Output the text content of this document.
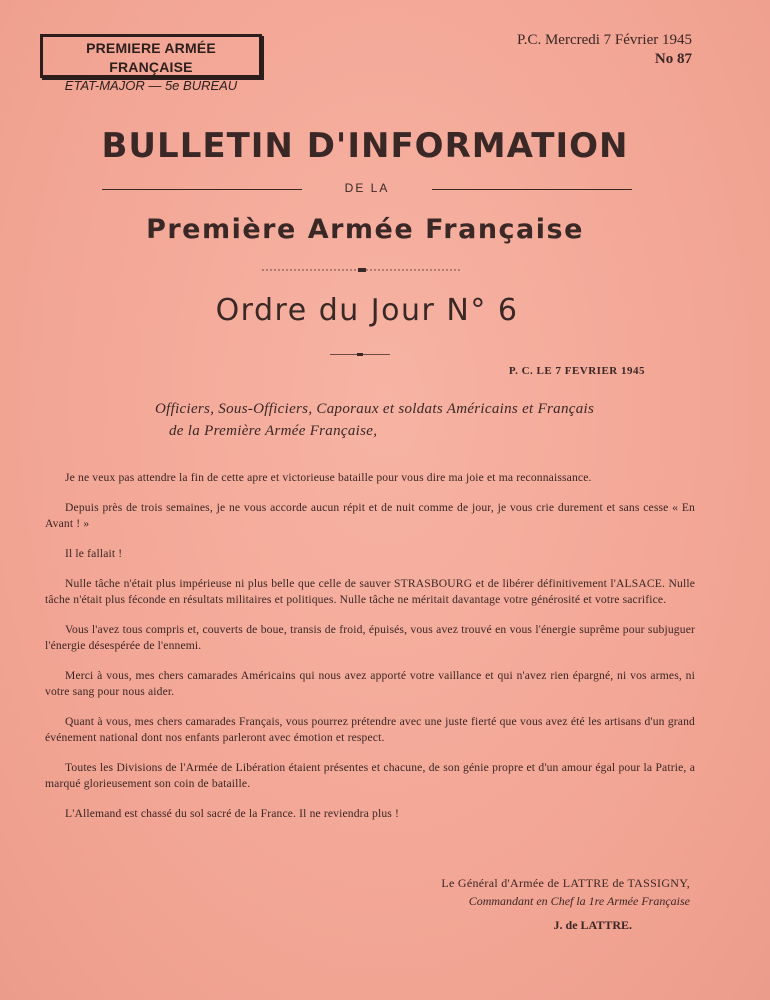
PREMIERE ARMÉE FRANÇAISE
ETAT-MAJOR — 5e BUREAU
P.C. Mercredi 7 Février 1945
No 87
BULLETIN D'INFORMATION
DE LA
Première Armée Française
Ordre du Jour N° 6
P. C. LE 7 FEVRIER 1945
Officiers, Sous-Officiers, Caporaux et soldats Américains et Français
de la Première Armée Française,

Je ne veux pas attendre la fin de cette apre et victorieuse bataille pour vous dire ma joie et ma reconnaissance.

Depuis près de trois semaines, je ne vous accorde aucun répit et de nuit comme de jour, je vous crie durement et sans cesse « En Avant ! »

Il le fallait !

Nulle tâche n'était plus impérieuse ni plus belle que celle de sauver STRASBOURG et de libérer définitivement l'ALSACE. Nulle tâche n'était plus féconde en résultats militaires et politiques. Nulle tâche ne méritait davantage votre générosité et votre sacrifice.

Vous l'avez tous compris et, couverts de boue, transis de froid, épuisés, vous avez trouvé en vous l'énergie suprême pour subjuguer l'énergie désespérée de l'ennemi.

Merci à vous, mes chers camarades Américains qui nous avez apporté votre vaillance et qui n'avez rien épargné, ni vos armes, ni votre sang pour nous aider.

Quant à vous, mes chers camarades Français, vous pourrez prétendre avec une juste fierté que vous avez été les artisans d'un grand événement national dont nos enfants parleront avec émotion et respect.

Toutes les Divisions de l'Armée de Libération étaient présentes et chacune, de son génie propre et d'un amour égal pour la Patrie, a marqué glorieusement son coin de bataille.

L'Allemand est chassé du sol sacré de la France. Il ne reviendra plus !

Le Général d'Armée de LATTRE de TASSIGNY,
Commandant en Chef la 1re Armée Française
J. de LATTRE.
